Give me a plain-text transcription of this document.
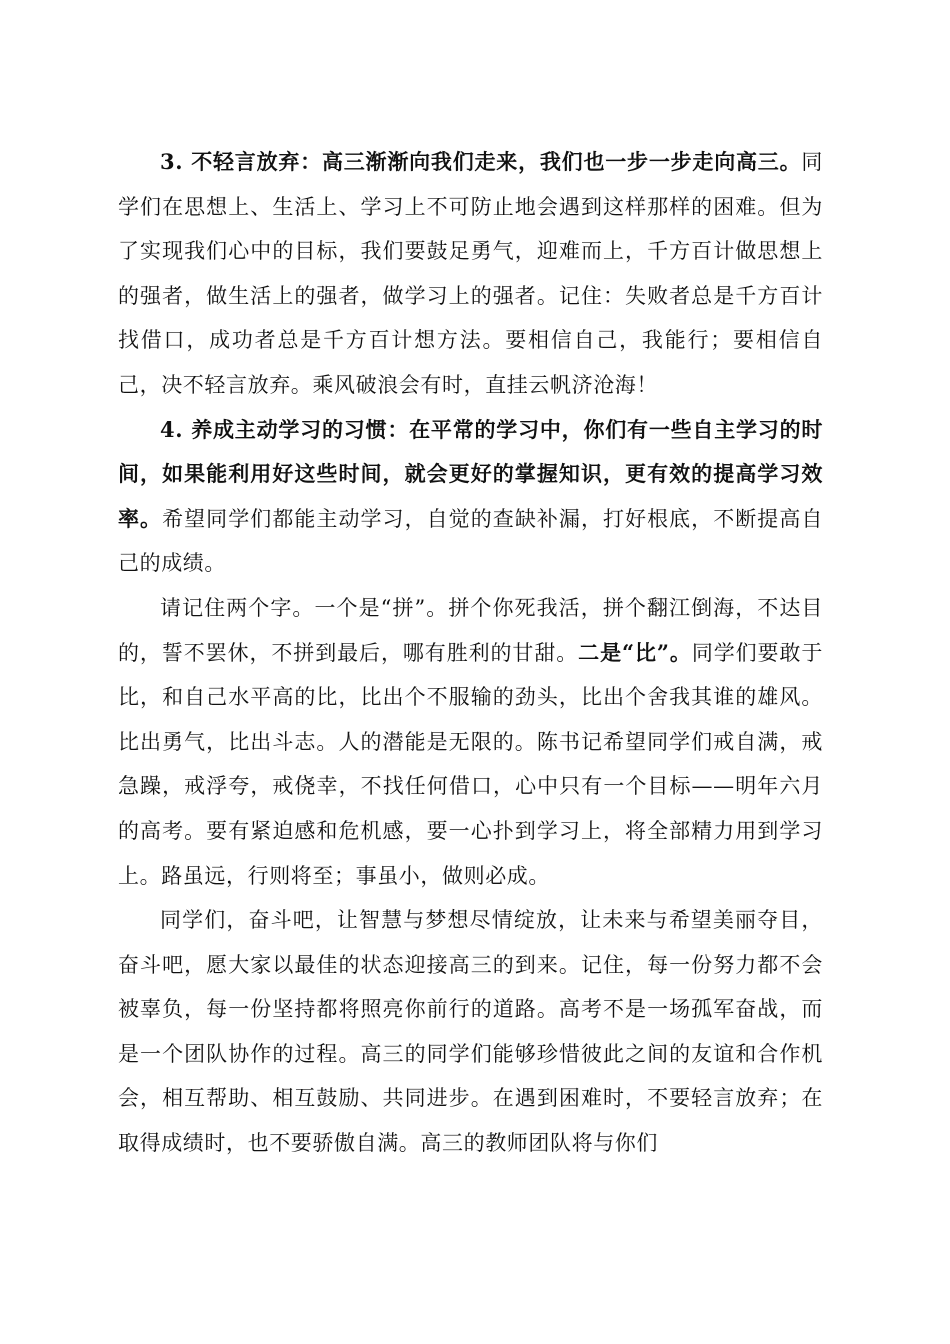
3. 不轻言放弃：高三渐渐向我们走来，我们也一步一步走向高三。同学们在思想上、生活上、学习上不可防止地会遇到这样那样的困难。但为了实现我们心中的目标，我们要鼓足勇气，迎难而上，千方百计做思想上的强者，做生活上的强者，做学习上的强者。记住：失败者总是千方百计找借口，成功者总是千方百计想方法。要相信自己，我能行；要相信自己，决不轻言放弃。乘风破浪会有时，直挂云帆济沧海！

4. 养成主动学习的习惯：在平常的学习中，你们有一些自主学习的时间，如果能利用好这些时间，就会更好的掌握知识，更有效的提高学习效率。希望同学们都能主动学习，自觉的查缺补漏，打好根底，不断提高自己的成绩。

请记住两个字。一个是“拼”。拼个你死我活，拼个翻江倒海，不达目的，誓不罢休，不拼到最后，哪有胜利的甘甜。二是“比”。同学们要敢于比，和自己水平高的比，比出个不服输的劲头，比出个舍我其谁的雄风。比出勇气，比出斗志。人的潜能是无限的。陈书记希望同学们戒自满，戒急躁，戒浮夸，戒侥幸，不找任何借口，心中只有一个目标——明年六月的高考。要有紧迫感和危机感，要一心扑到学习上，将全部精力用到学习上。路虽远，行则将至；事虽小，做则必成。

同学们，奋斗吧，让智慧与梦想尽情绽放，让未来与希望美丽夺目，奋斗吧，愿大家以最佳的状态迎接高三的到来。记住，每一份努力都不会被辜负，每一份坚持都将照亮你前行的道路。高考不是一场孤军奋战，而是一个团队协作的过程。高三的同学们能够珍惜彼此之间的友谊和合作机会，相互帮助、相互鼓励、共同进步。在遇到困难时，不要轻言放弃；在取得成绩时，也不要骄傲自满。高三的教师团队将与你们
